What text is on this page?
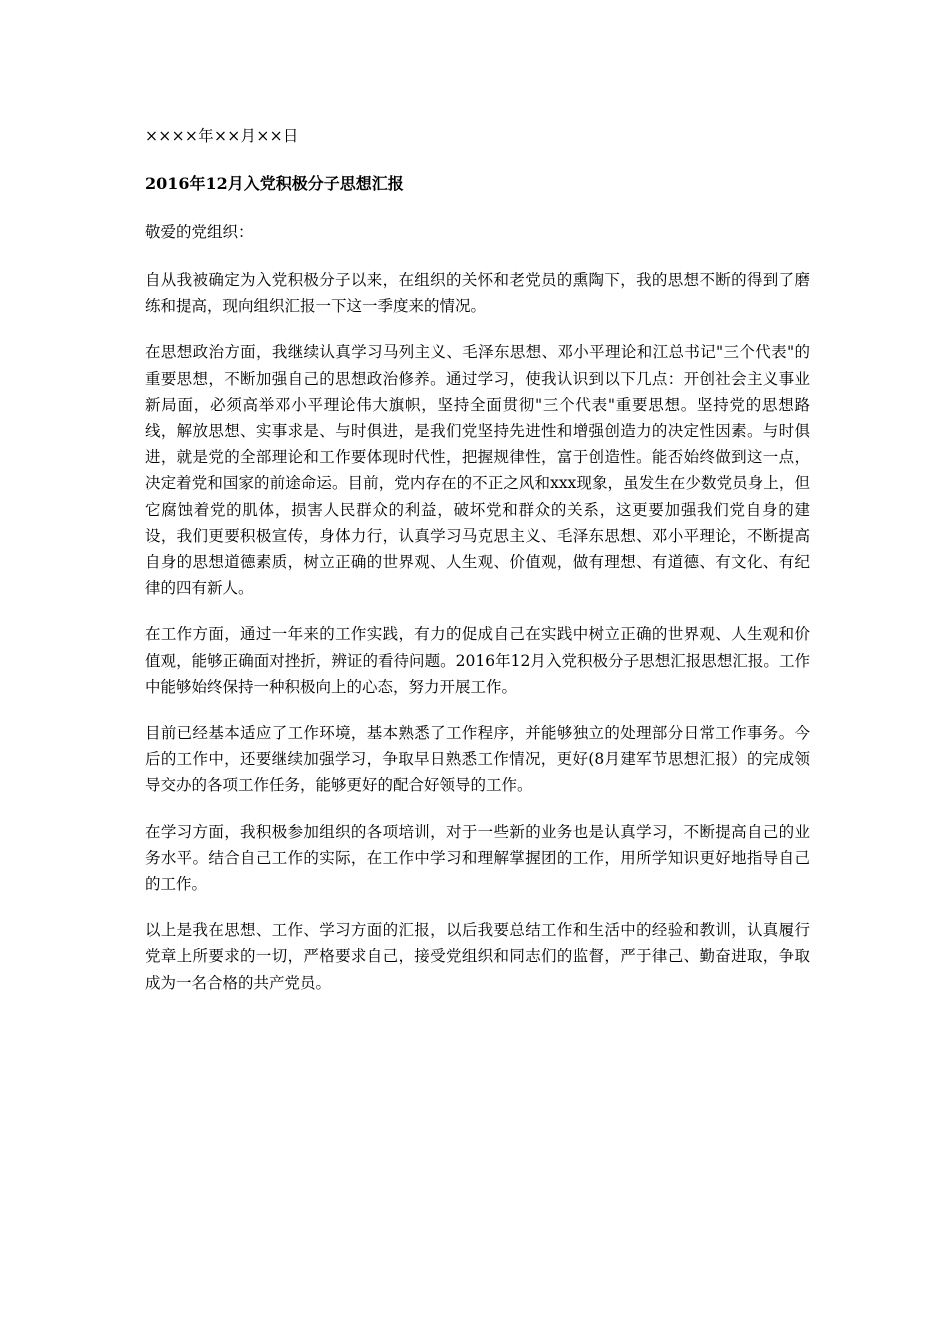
××××年××月××日
2016年12月入党积极分子思想汇报
敬爱的党组织：

自从我被确定为入党积极分子以来，在组织的关怀和老党员的熏陶下，我的思想不断的得到了磨练和提高，现向组织汇报一下这一季度来的情况。

在思想政治方面，我继续认真学习马列主义、毛泽东思想、邓小平理论和江总书记"三个代表"的重要思想，不断加强自己的思想政治修养。通过学习，使我认识到以下几点：开创社会主义事业新局面，必须高举邓小平理论伟大旗帜，坚持全面贯彻"三个代表"重要思想。坚持党的思想路线，解放思想、实事求是、与时俱进，是我们党坚持先进性和增强创造力的决定性因素。与时俱进，就是党的全部理论和工作要体现时代性，把握规律性，富于创造性。能否始终做到这一点，决定着党和国家的前途命运。目前，党内存在的不正之风和xxx现象，虽发生在少数党员身上，但它腐蚀着党的肌体，损害人民群众的利益，破坏党和群众的关系，这更要加强我们党自身的建设，我们更要积极宣传，身体力行，认真学习马克思主义、毛泽东思想、邓小平理论，不断提高自身的思想道德素质，树立正确的世界观、人生观、价值观，做有理想、有道德、有文化、有纪律的四有新人。

在工作方面，通过一年来的工作实践，有力的促成自己在实践中树立正确的世界观、人生观和价值观，能够正确面对挫折，辨证的看待问题。2016年12月入党积极分子思想汇报思想汇报。工作中能够始终保持一种积极向上的心态，努力开展工作。

目前已经基本适应了工作环境，基本熟悉了工作程序，并能够独立的处理部分日常工作事务。今后的工作中，还要继续加强学习，争取早日熟悉工作情况，更好(8月建军节思想汇报）的完成领导交办的各项工作任务，能够更好的配合好领导的工作。

在学习方面，我积极参加组织的各项培训，对于一些新的业务也是认真学习，不断提高自己的业务水平。结合自己工作的实际，在工作中学习和理解掌握团的工作，用所学知识更好地指导自己的工作。

以上是我在思想、工作、学习方面的汇报，以后我要总结工作和生活中的经验和教训，认真履行党章上所要求的一切，严格要求自己，接受党组织和同志们的监督，严于律己、勤奋进取，争取成为一名合格的共产党员。
